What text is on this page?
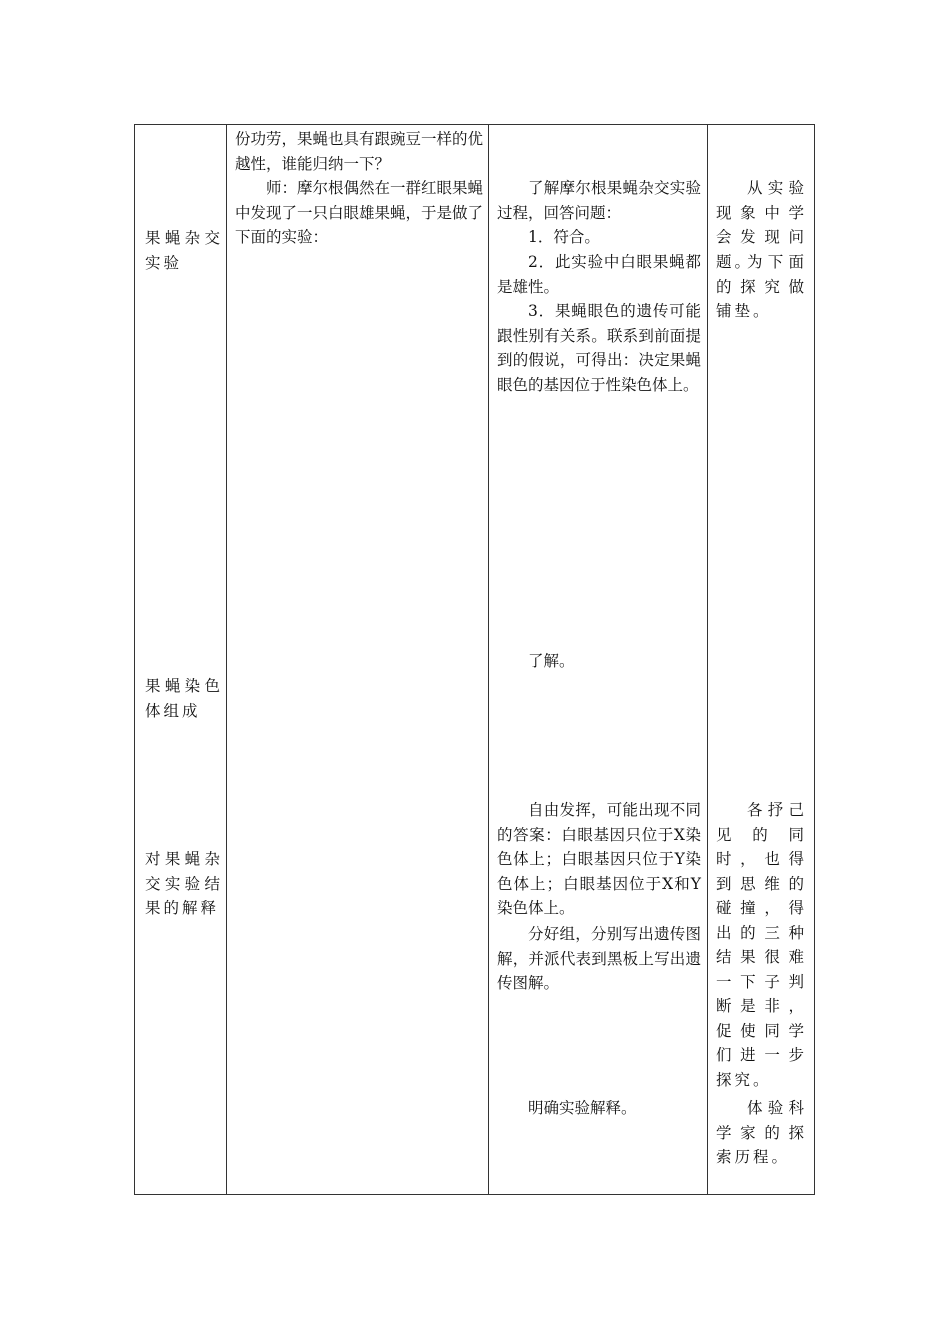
果蝇杂交实验
果蝇染色体组成
对果蝇杂交实验结果的解释
份功劳，果蝇也具有跟豌豆一样的优越性，谁能归纳一下？
师：摩尔根偶然在一群红眼果蝇中发现了一只白眼雄果蝇，于是做了下面的实验：
了解摩尔根果蝇杂交实验过程，回答问题：
1．符合。
2．此实验中白眼果蝇都是雄性。
3．果蝇眼色的遗传可能跟性别有关系。联系到前面提到的假说，可得出：决定果蝇眼色的基因位于性染色体上。
了解。
自由发挥，可能出现不同的答案：白眼基因只位于X染色体上；白眼基因只位于Y染色体上；白眼基因位于X和Y染色体上。
分好组，分别写出遗传图解，并派代表到黑板上写出遗传图解。
明确实验解释。
从实验现象中学会发现问题。
为下面的探究做铺垫。
各抒己见的同时，也得到思维的碰撞，得出的三种结果很难一下子判断是非，促使同学们进一步探究。
体验科学家的探索历程。
